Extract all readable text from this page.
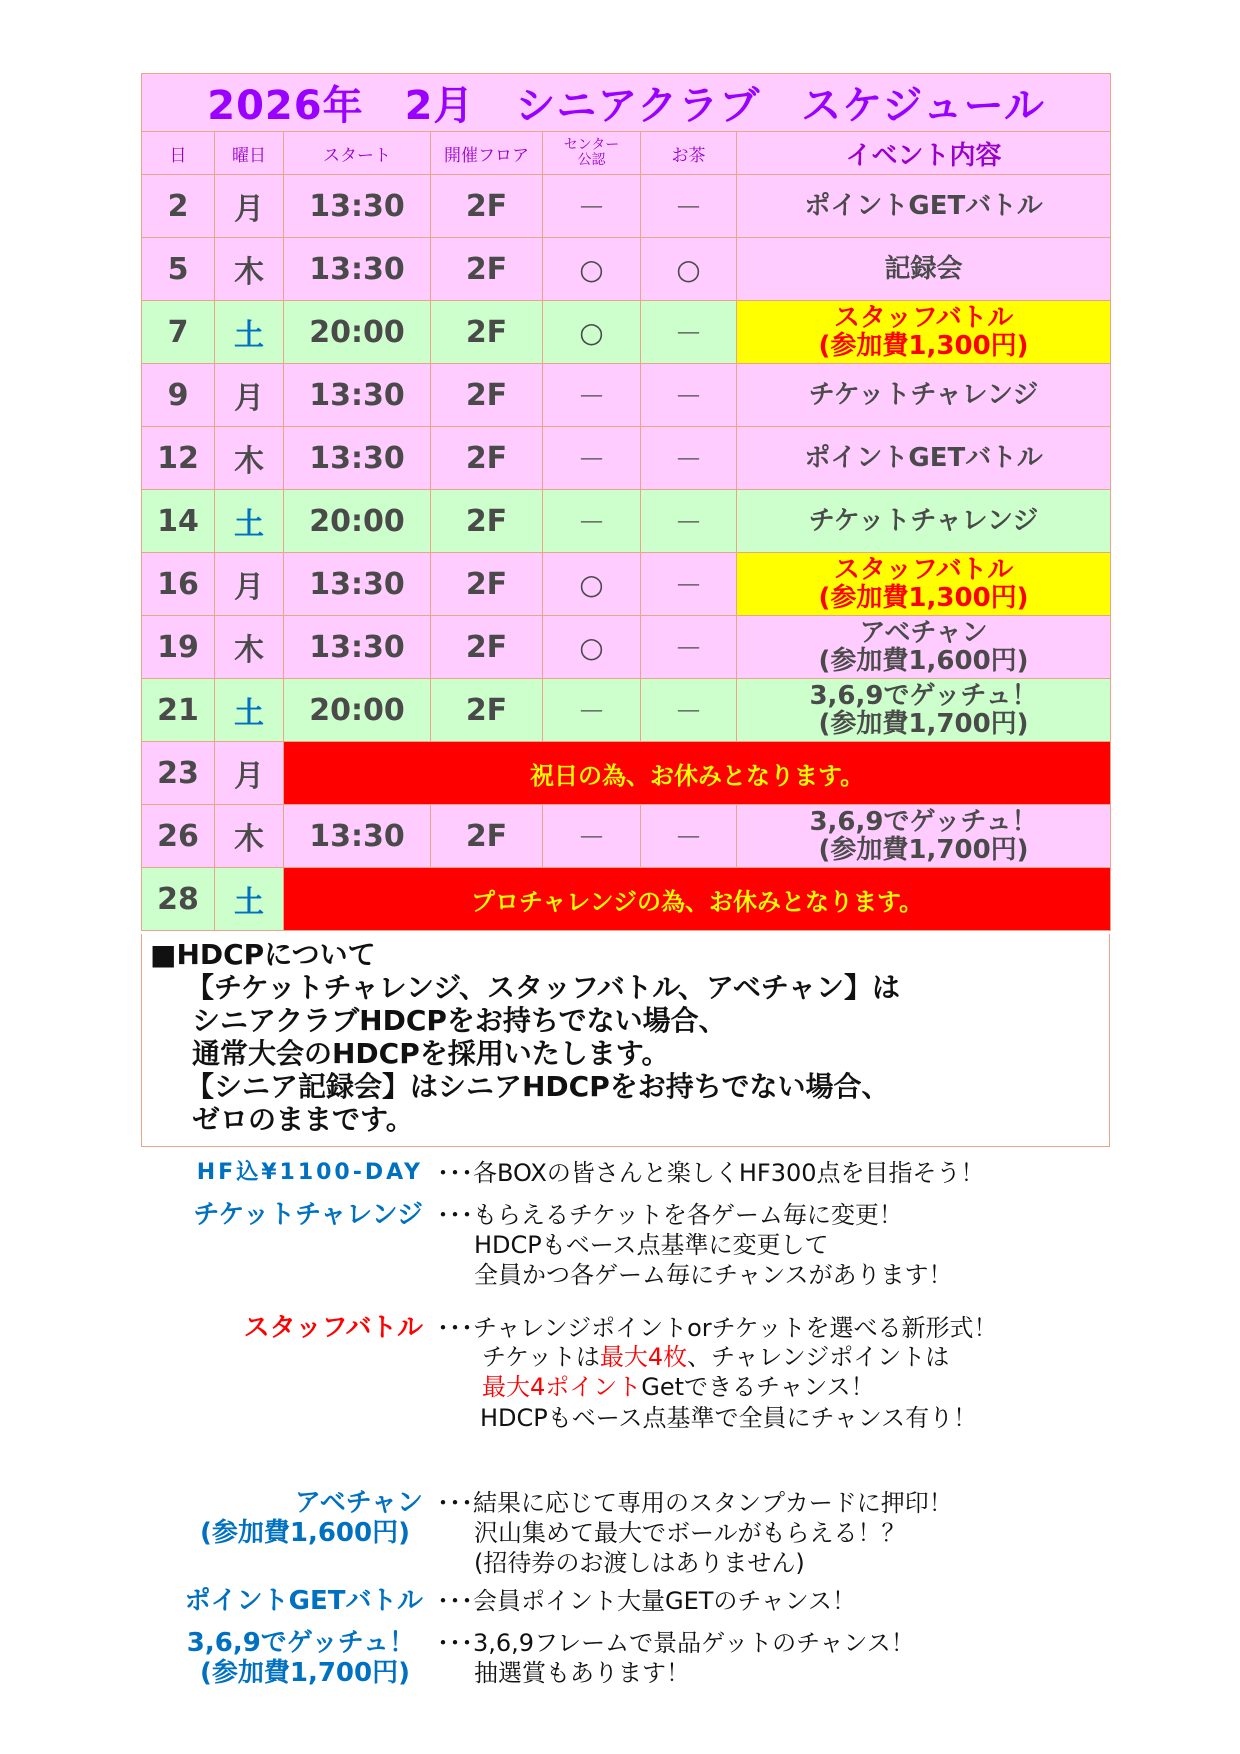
2026年　2月　シニアクラブ　スケジュール						
日	曜日	スタート	開催フロア	センター
公認	お茶	イベント内容
2	月	13:30	2F	－	－	ポイントGETバトル
5	木	13:30	2F	○	○	記録会
7	土	20:00	2F	○	－	スタッフバトル
(参加費1,300円)
9	月	13:30	2F	－	－	チケットチャレンジ
12	木	13:30	2F	－	－	ポイントGETバトル
14	土	20:00	2F	－	－	チケットチャレンジ
16	月	13:30	2F	○	－	スタッフバトル
(参加費1,300円)
19	木	13:30	2F	○	－	アベチャン
(参加費1,600円)
21	土	20:00	2F	－	－	3,6,9でゲッチュ！
(参加費1,700円)
23	月	祝日の為、お休みとなります。				
26	木	13:30	2F	－	－	3,6,9でゲッチュ！
(参加費1,700円)
28	土	プロチャレンジの為、お休みとなります。				
■HDCPについて
【チケットチャレンジ、スタッフバトル、アベチャン】は
シニアクラブHDCPをお持ちでない場合、
通常大会のHDCPを採用いたします。
【シニア記録会】はシニアHDCPをお持ちでない場合、
ゼロのままです。
HF込¥1100-DAY ･･･各BOXの皆さんと楽しくHF300点を目指そう！
チケットチャレンジ ･･･もらえるチケットを各ゲーム毎に変更！
HDCPもベース点基準に変更して
全員かつ各ゲーム毎にチャンスがあります！
スタッフバトル ･･･チャレンジポイントorチケットを選べる新形式！
チケットは最大4枚、チャレンジポイントは
最大4ポイントGetできるチャンス！
HDCPもベース点基準で全員にチャンス有り！
アベチャン
(参加費1,600円)
･･･結果に応じて専用のスタンプカードに押印！
沢山集めて最大でボールがもらえる！？
(招待券のお渡しはありません)
ポイントGETバトル ･･･会員ポイント大量GETのチャンス！
3,6,9でゲッチュ！
(参加費1,700円)
･･･3,6,9フレームで景品ゲットのチャンス！
抽選賞もあります！
